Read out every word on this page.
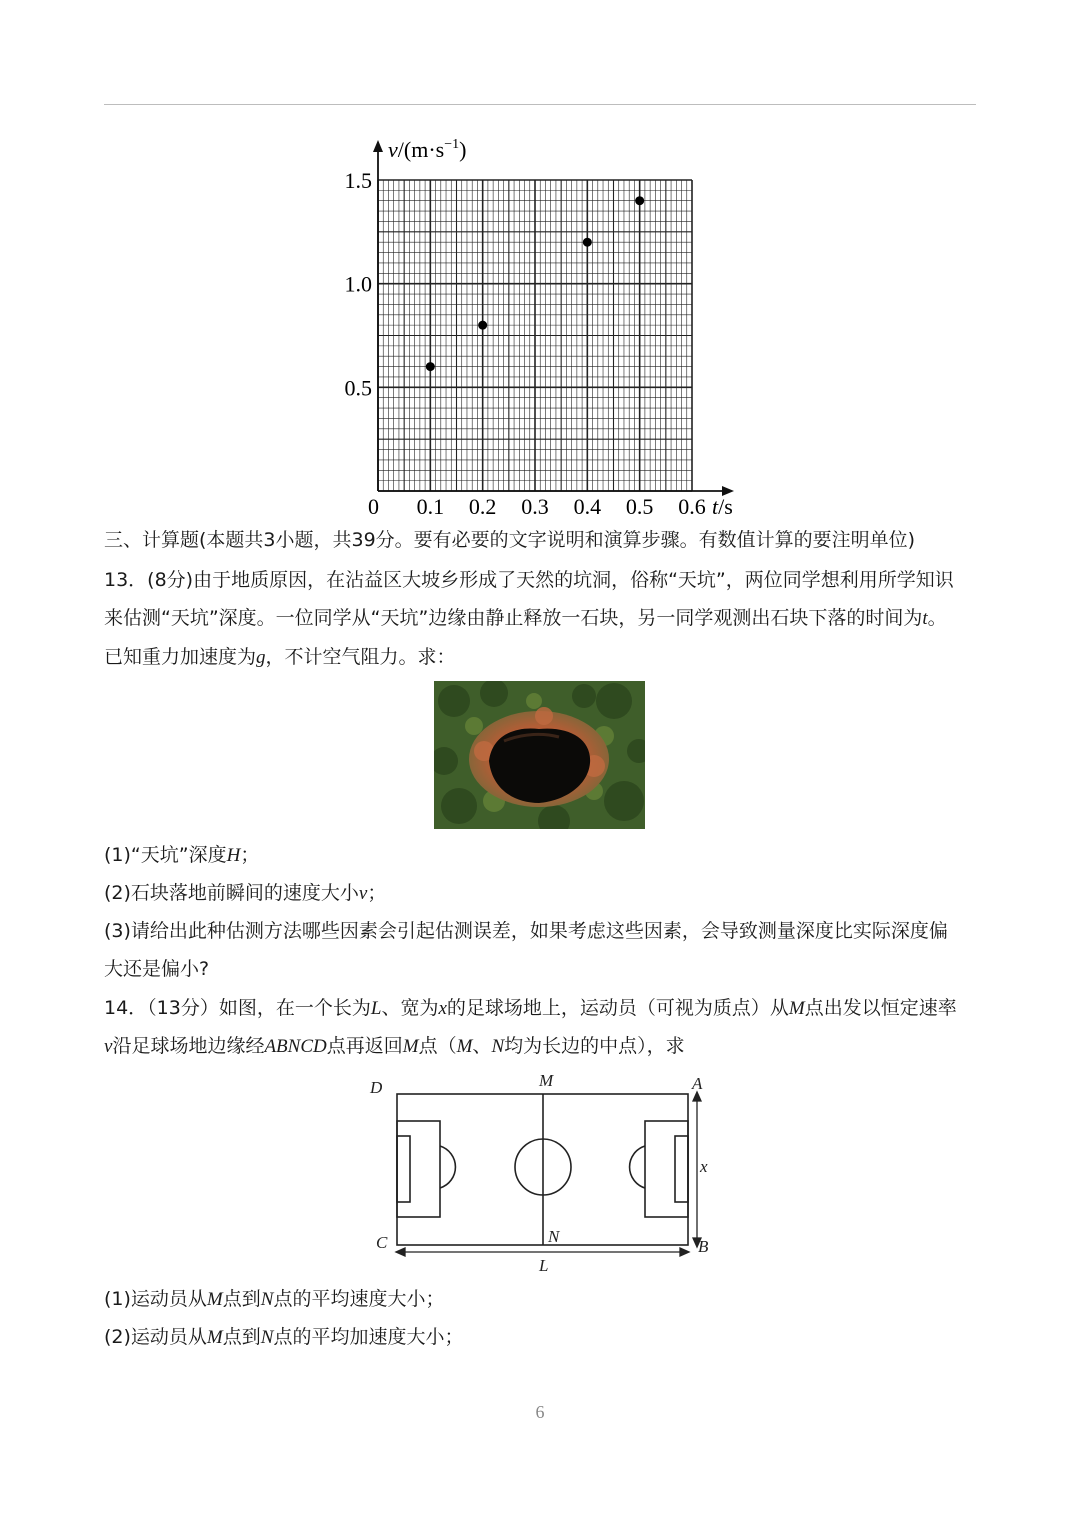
0.5
1.0
1.5
0.1 0.2 0.3 0.4 0.5 0.6
$v/(m\cdot s^{-1})$
t/s
0
三、计算题(本题共3小题，共39分。要有必要的文字说明和演算步骤。有数值计算的要注明单位)
13．(8分)由于地质原因，在沾益区大坡乡形成了天然的坑洞，俗称“天坑”，两位同学想利用所学知识
来估测“天坑”深度。一位同学从“天坑”边缘由静止释放一石块，另一同学观测出石块下落的时间为t。
已知重力加速度为g，不计空气阻力。求：
(1)“天坑”深度H；
(2)石块落地前瞬间的速度大小v；
(3)请给出此种估测方法哪些因素会引起估测误差，如果考虑这些因素，会导致测量深度比实际深度偏
大还是偏小?
14．（13分）如图，在一个长为L、宽为x的足球场地上，运动员（可视为质点）从M点出发以恒定速率
v沿足球场地边缘经ABNCD点再返回M点（M、N均为长边的中点），求
D	M	A
C	N
B
x
L
(1)运动员从M点到N点的平均速度大小；
(2)运动员从M点到N点的平均加速度大小；
6
